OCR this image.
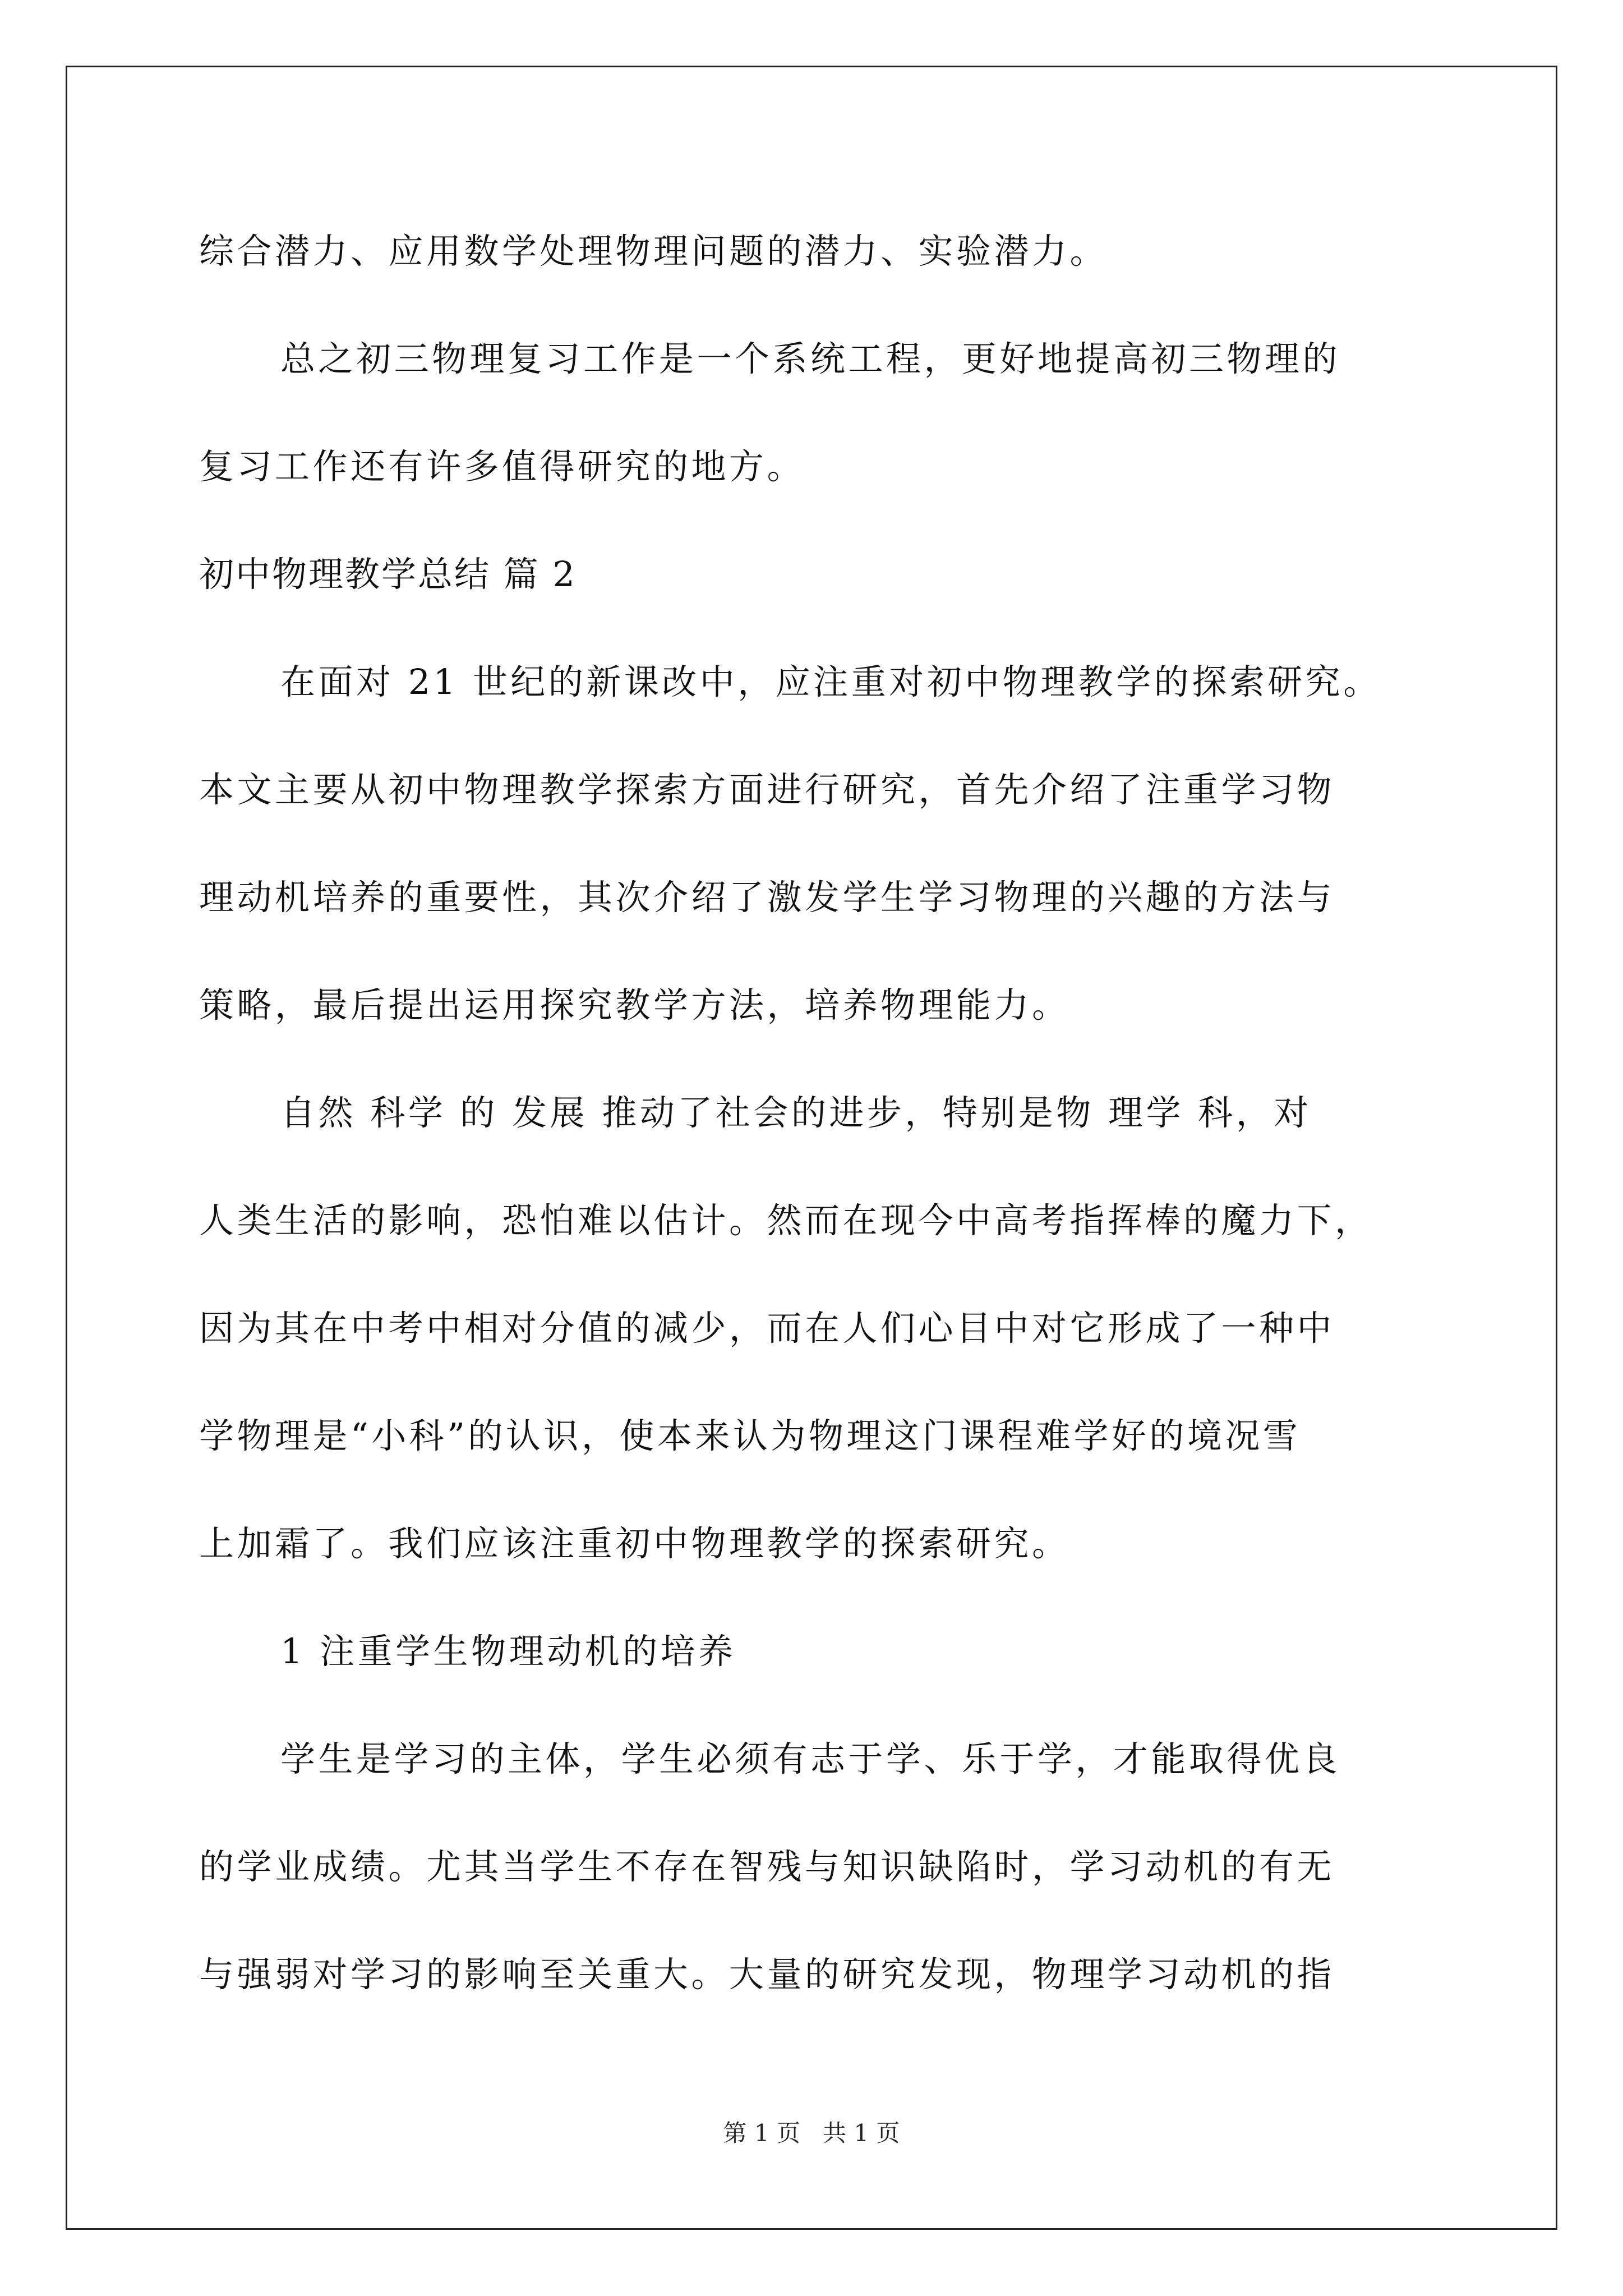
综合潜力、应用数学处理物理问题的潜力、实验潜力。
总之初三物理复习工作是一个系统工程，更好地提高初三物理的
复习工作还有许多值得研究的地方。
初中物理教学总结 篇 2
在面对 21 世纪的新课改中，应注重对初中物理教学的探索研究。
本文主要从初中物理教学探索方面进行研究，首先介绍了注重学习物
理动机培养的重要性，其次介绍了激发学生学习物理的兴趣的方法与
策略，最后提出运用探究教学方法，培养物理能力。
自然 科学 的 发展 推动了社会的进步，特别是物 理学 科，对
人类生活的影响，恐怕难以估计。然而在现今中高考指挥棒的魔力下，
因为其在中考中相对分值的减少，而在人们心目中对它形成了一种中
学物理是“小科”的认识，使本来认为物理这门课程难学好的境况雪
上加霜了。我们应该注重初中物理教学的探索研究。
1 注重学生物理动机的培养
学生是学习的主体，学生必须有志于学、乐于学，才能取得优良
的学业成绩。尤其当学生不存在智残与知识缺陷时，学习动机的有无
与强弱对学习的影响至关重大。大量的研究发现，物理学习动机的指
第 1 页   共 1 页
